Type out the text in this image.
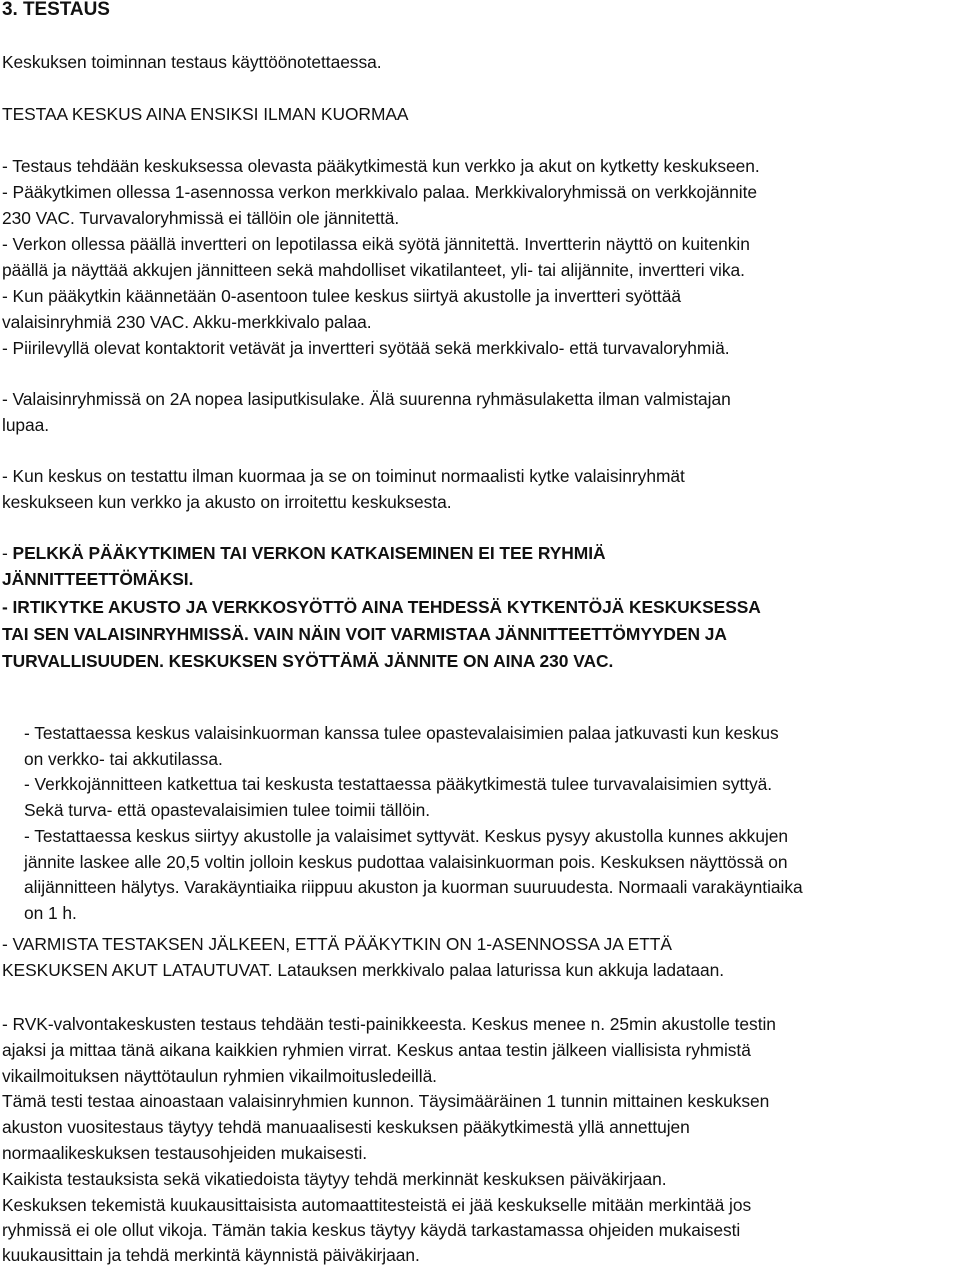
3. TESTAUS
Keskuksen toiminnan testaus käyttöönotettaessa.
TESTAA KESKUS AINA ENSIKSI ILMAN KUORMAA
- Testaus tehdään keskuksessa olevasta pääkytkimestä kun verkko ja akut on kytketty keskukseen.
- Pääkytkimen ollessa 1-asennossa verkon merkkivalo palaa. Merkkivaloryhmissä on verkkojännite
230 VAC. Turvavaloryhmissä ei tällöin ole jännitettä.
- Verkon ollessa päällä invertteri on lepotilassa eikä syötä jännitettä. Invertterin näyttö on kuitenkin
päällä ja näyttää akkujen jännitteen sekä mahdolliset vikatilanteet, yli- tai alijännite, invertteri vika.
- Kun pääkytkin käännetään 0-asentoon tulee keskus siirtyä akustolle ja invertteri syöttää
valaisinryhmiä 230 VAC. Akku-merkkivalo palaa.
- Piirilevyllä olevat kontaktorit vetävät ja invertteri syötää sekä merkkivalo- että turvavaloryhmiä.
- Valaisinryhmissä on 2A nopea lasiputkisulake. Älä suurenna ryhmäsulaketta ilman valmistajan
lupaa.
- Kun keskus on testattu ilman kuormaa ja se on toiminut normaalisti kytke valaisinryhmät
keskukseen kun verkko ja akusto on irroitettu keskuksesta.
- PELKKÄ PÄÄKYTKIMEN TAI VERKON KATKAISEMINEN EI TEE RYHMIÄ
JÄNNITTEETTÖMÄKSI.
- IRTIKYTKE AKUSTO JA VERKKOSYÖTTÖ AINA TEHDESSÄ KYTKENTÖJÄ KESKUKSESSA
TAI SEN VALAISINRYHMISSÄ. VAIN NÄIN VOIT VARMISTAA JÄNNITTEETTÖMYYDEN JA
TURVALLISUUDEN. KESKUKSEN SYÖTTÄMÄ JÄNNITE ON AINA 230 VAC.
- Testattaessa keskus valaisinkuorman kanssa tulee opastevalaisimien palaa jatkuvasti kun keskus
on verkko- tai akkutilassa.
- Verkkojännitteen katkettua tai keskusta testattaessa pääkytkimestä tulee turvavalaisimien syttyä.
Sekä turva- että opastevalaisimien tulee toimii tällöin.
- Testattaessa keskus siirtyy akustolle ja valaisimet syttyvät. Keskus pysyy akustolla kunnes akkujen
jännite laskee alle 20,5 voltin jolloin keskus pudottaa valaisinkuorman pois. Keskuksen näyttössä on
alijännitteen hälytys. Varakäyntiaika riippuu akuston ja kuorman suuruudesta. Normaali varakäyntiaika
on 1 h.
- VARMISTA TESTAKSEN JÄLKEEN, ETTÄ PÄÄKYTKIN ON 1-ASENNOSSA JA ETTÄ
KESKUKSEN AKUT LATAUTUVAT. Latauksen merkkivalo palaa laturissa kun akkuja ladataan.
- RVK-valvontakeskusten testaus tehdään testi-painikkeesta. Keskus menee n. 25min akustolle testin
ajaksi ja mittaa tänä aikana kaikkien ryhmien virrat. Keskus antaa testin jälkeen viallisista ryhmistä
vikailmoituksen näyttötaulun ryhmien vikailmoitusledeillä.
Tämä testi testaa ainoastaan valaisinryhmien kunnon. Täysimääräinen 1 tunnin mittainen keskuksen
akuston vuositestaus täytyy tehdä manuaalisesti keskuksen pääkytkimestä yllä annettujen
normaalikeskuksen testausohjeiden mukaisesti.
Kaikista testauksista sekä vikatiedoista täytyy tehdä merkinnät keskuksen päiväkirjaan.
Keskuksen tekemistä kuukausittaisista automaattitesteistä ei jää keskukselle mitään merkintää jos
ryhmissä ei ole ollut vikoja. Tämän takia keskus täytyy käydä tarkastamassa ohjeiden mukaisesti
kuukausittain ja tehdä merkintä käynnistä päiväkirjaan.
